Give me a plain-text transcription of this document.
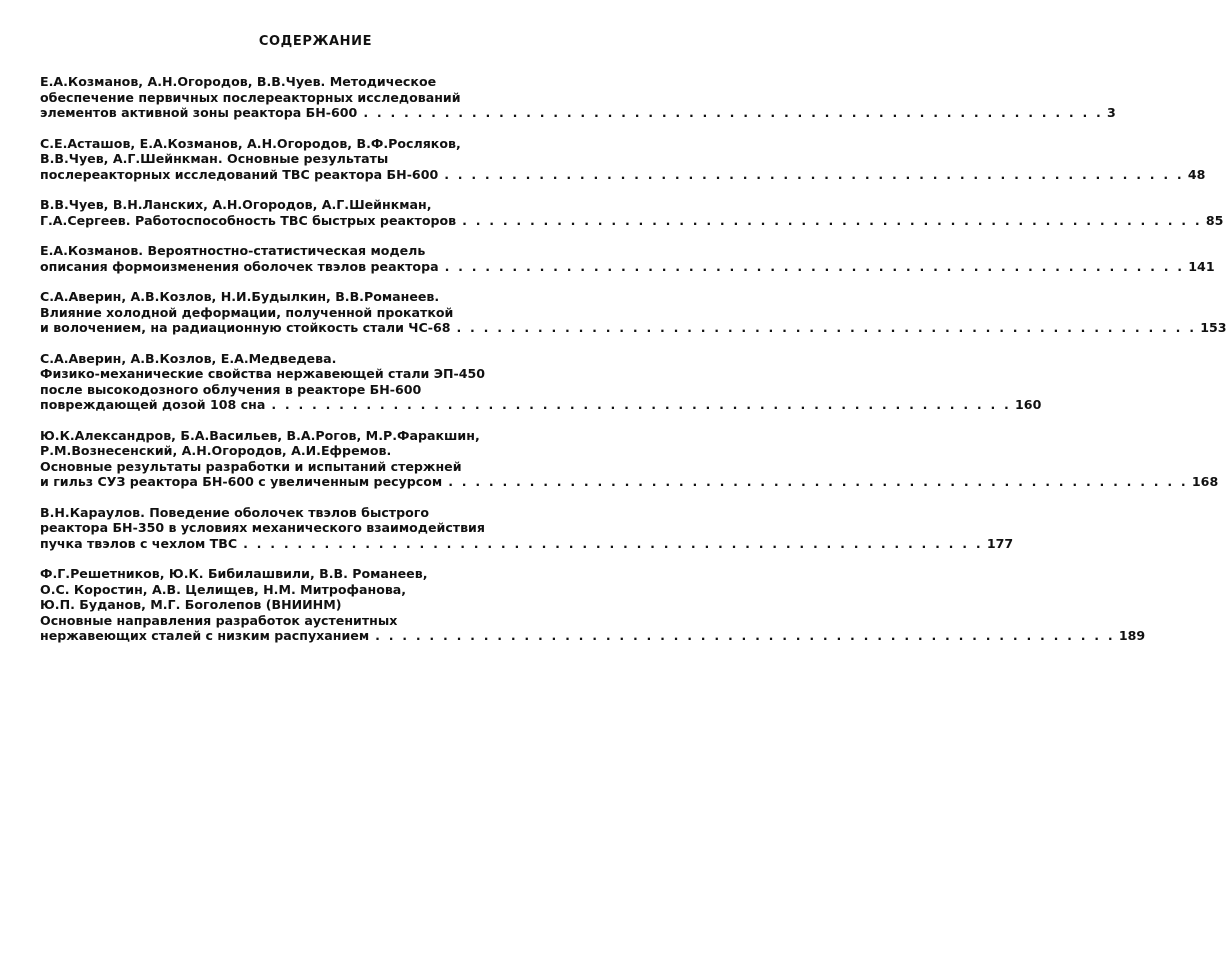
СОДЕРЖАНИЕ
Е.А.Козманов, А.Н.Огородов, В.В.Чуев. Методическое
обеспечение первичных послереакторных исследований
элементов активной зоны реактора БН-600 . . . . . . . . . . . . . . . . . . . . . . . . . . . . . . . . . . . . . . . . . . . . . . . . . . . . . . . 3
С.Е.Асташов, Е.А.Козманов, А.Н.Огородов, В.Ф.Росляков,
В.В.Чуев, А.Г.Шейнкман. Основные результаты
послереакторных исследований ТВС реактора БН-600 . . . . . . . . . . . . . . . . . . . . . . . . . . . . . . . . . . . . . . . . . . . . . . . . . . . . . . . 48
В.В.Чуев, В.Н.Ланских, А.Н.Огородов, А.Г.Шейнкман,
Г.А.Сергеев. Работоспособность ТВС быстрых реакторов . . . . . . . . . . . . . . . . . . . . . . . . . . . . . . . . . . . . . . . . . . . . . . . . . . . . . . . 85
Е.А.Козманов. Вероятностно-статистическая модель
описания формоизменения оболочек твэлов реактора . . . . . . . . . . . . . . . . . . . . . . . . . . . . . . . . . . . . . . . . . . . . . . . . . . . . . . . 141
С.А.Аверин, А.В.Козлов, Н.И.Будылкин, В.В.Романеев.
Влияние холодной деформации, полученной прокаткой
и волочением, на радиационную стойкость стали ЧС-68 . . . . . . . . . . . . . . . . . . . . . . . . . . . . . . . . . . . . . . . . . . . . . . . . . . . . . . . 153
С.А.Аверин, А.В.Козлов, Е.А.Медведева.
Физико-механические свойства нержавеющей стали ЭП-450
после высокодозного облучения в реакторе БН-600
повреждающей дозой 108 сна . . . . . . . . . . . . . . . . . . . . . . . . . . . . . . . . . . . . . . . . . . . . . . . . . . . . . . . 160
Ю.К.Александров, Б.А.Васильев, В.А.Рогов, М.Р.Фаракшин,
Р.М.Вознесенский, А.Н.Огородов, А.И.Ефремов.
Основные результаты разработки и испытаний стержней
и гильз СУЗ реактора БН-600 с увеличенным ресурсом . . . . . . . . . . . . . . . . . . . . . . . . . . . . . . . . . . . . . . . . . . . . . . . . . . . . . . . 168
В.Н.Караулов. Поведение оболочек твэлов быстрого
реактора БН-350 в условиях механического взаимодействия
пучка твэлов с чехлом ТВС . . . . . . . . . . . . . . . . . . . . . . . . . . . . . . . . . . . . . . . . . . . . . . . . . . . . . . . 177
Ф.Г.Решетников, Ю.К. Бибилашвили, В.В. Романеев,
О.С. Коростин, А.В. Целищев, Н.М. Митрофанова,
Ю.П. Буданов, М.Г. Боголепов (ВНИИНМ)
Основные направления разработок аустенитных
нержавеющих сталей с низким распуханием . . . . . . . . . . . . . . . . . . . . . . . . . . . . . . . . . . . . . . . . . . . . . . . . . . . . . . . 189
